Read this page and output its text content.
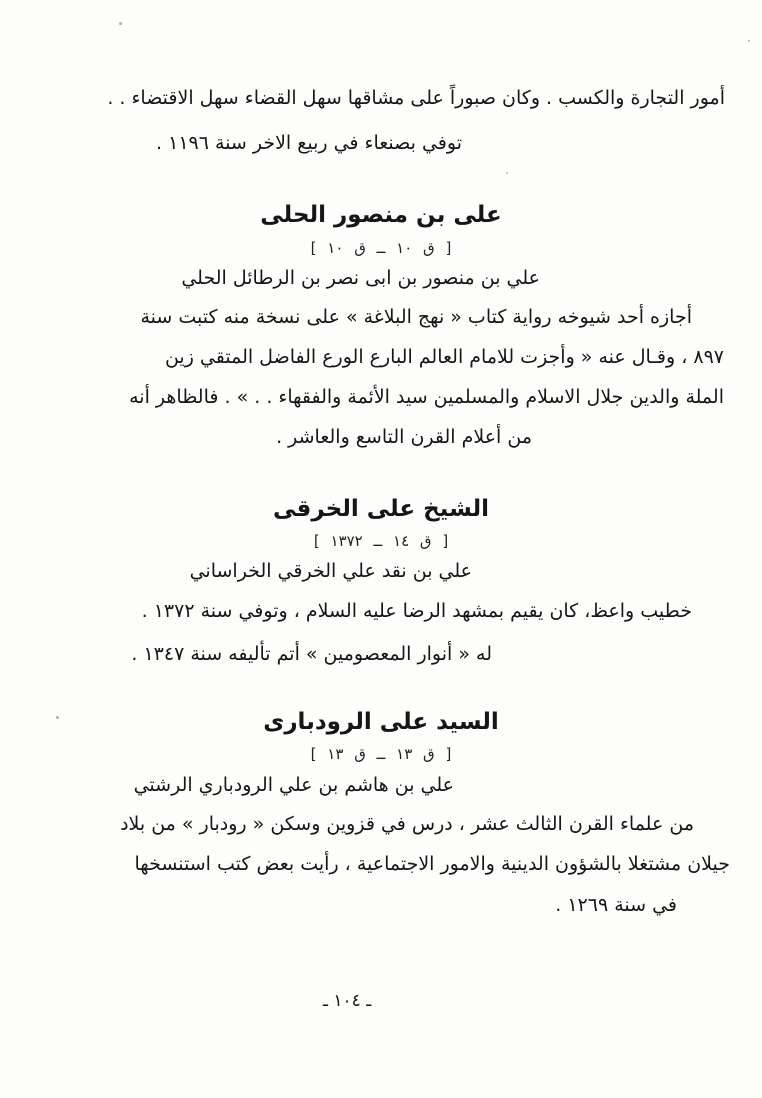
أمور التجارة والكسب . وكان صبوراً على مشاقها سهل القضاء سهل الاقتضاء . .
توفي بصنعاء في ربيع الاخر سنة ١١٩٦ .
على بن منصور الحلى
[ ق ١٠ ــ ق ١٠ ]
علي بن منصور بن ابى نصر بن الرطائل الحلي
أجازه أحد شيوخه رواية كتاب « نهج البلاغة » على نسخة منه كتبت سنة
٨٩٧ ، وقـال عنه « وأجزت للامام العالم البارع الورع الفاضل المتقي زين
الملة والدين جلال الاسلام والمسلمين سيد الأئمة والفقهاء . . » . فالظاهر أنه
من أعلام القرن التاسع والعاشر .
الشيخ على الخرقى
[ ق ١٤ ــ ١٣٧٢ ]
علي بن نقد علي الخرقي الخراساني
خطيب واعظ، كان يقيم بمشهد الرضا عليه السلام ، وتوفي سنة ١٣٧٢ .
له « أنوار المعصومين » أتم تأليفه سنة ١٣٤٧ .
السيد على الرودبارى
[ ق ١٣ ــ ق ١٣ ]
علي بن هاشم بن علي الرودباري الرشتي
من علماء القرن الثالث عشر ، درس في قزوين وسكن « رودبار » من بلاد
جيلان مشتغلا بالشؤون الدينية والامور الاجتماعية ، رأيت بعض كتب استنسخها
في سنة ١٢٦٩ .
ـ ١٠٤ ـ
